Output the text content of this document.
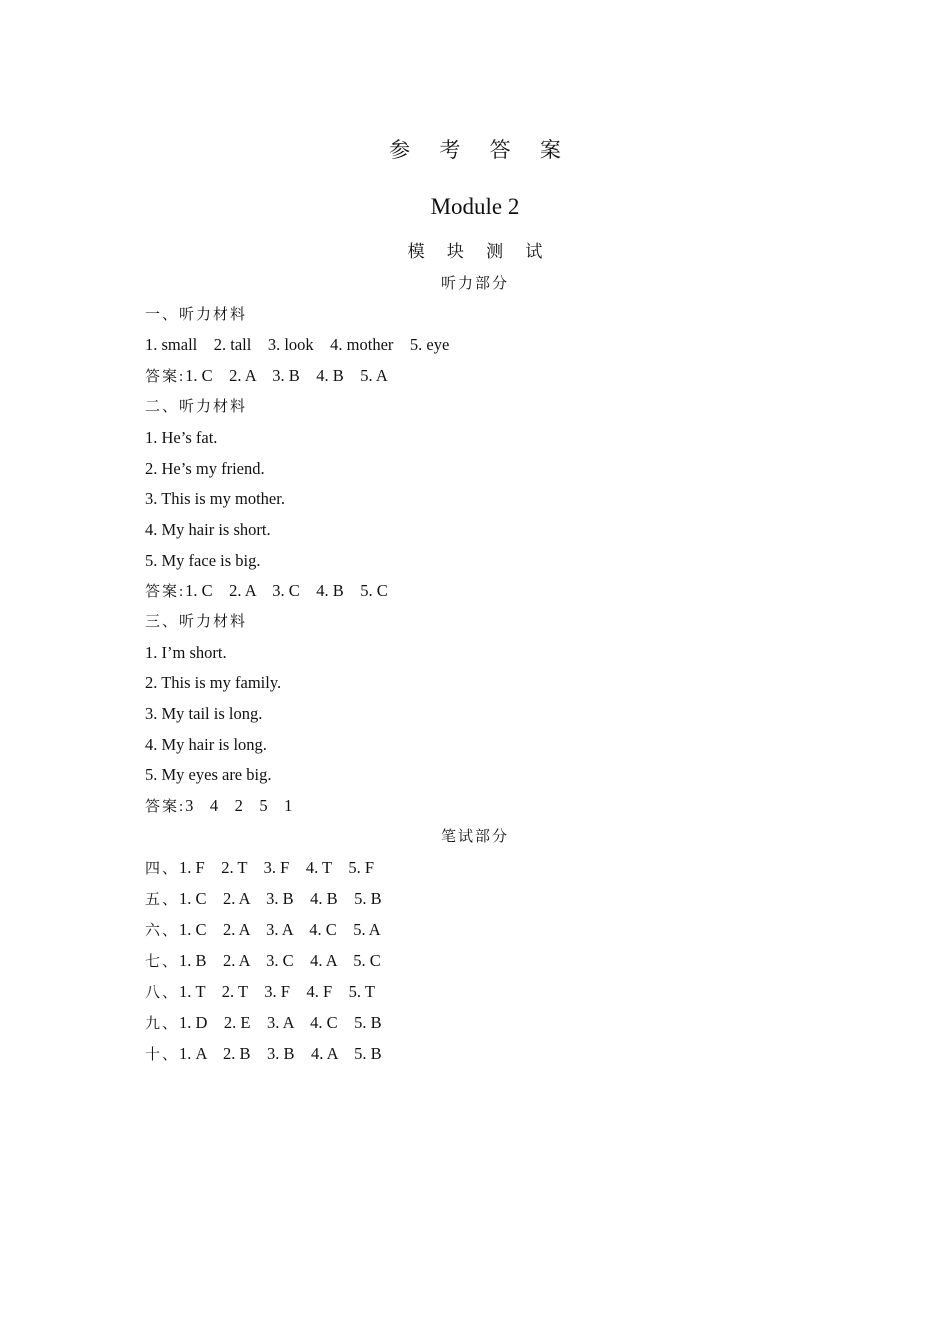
参 考 答 案
Module 2
模 块 测 试
听力部分
一、听力材料
1. small    2. tall    3. look    4. mother    5. eye
答案:1. C    2. A    3. B    4. B    5. A
二、听力材料
1. He’s fat.
2. He’s my friend.
3. This is my mother.
4. My hair is short.
5. My face is big.
答案:1. C    2. A    3. C    4. B    5. C
三、听力材料
1. I’m short.
2. This is my family.
3. My tail is long.
4. My hair is long.
5. My eyes are big.
答案:3    4    2    5    1
笔试部分
四、1. F    2. T    3. F    4. T    5. F
五、1. C    2. A    3. B    4. B    5. B
六、1. C    2. A    3. A    4. C    5. A
七、1. B    2. A    3. C    4. A    5. C
八、1. T    2. T    3. F    4. F    5. T
九、1. D    2. E    3. A    4. C    5. B
十、1. A    2. B    3. B    4. A    5. B
